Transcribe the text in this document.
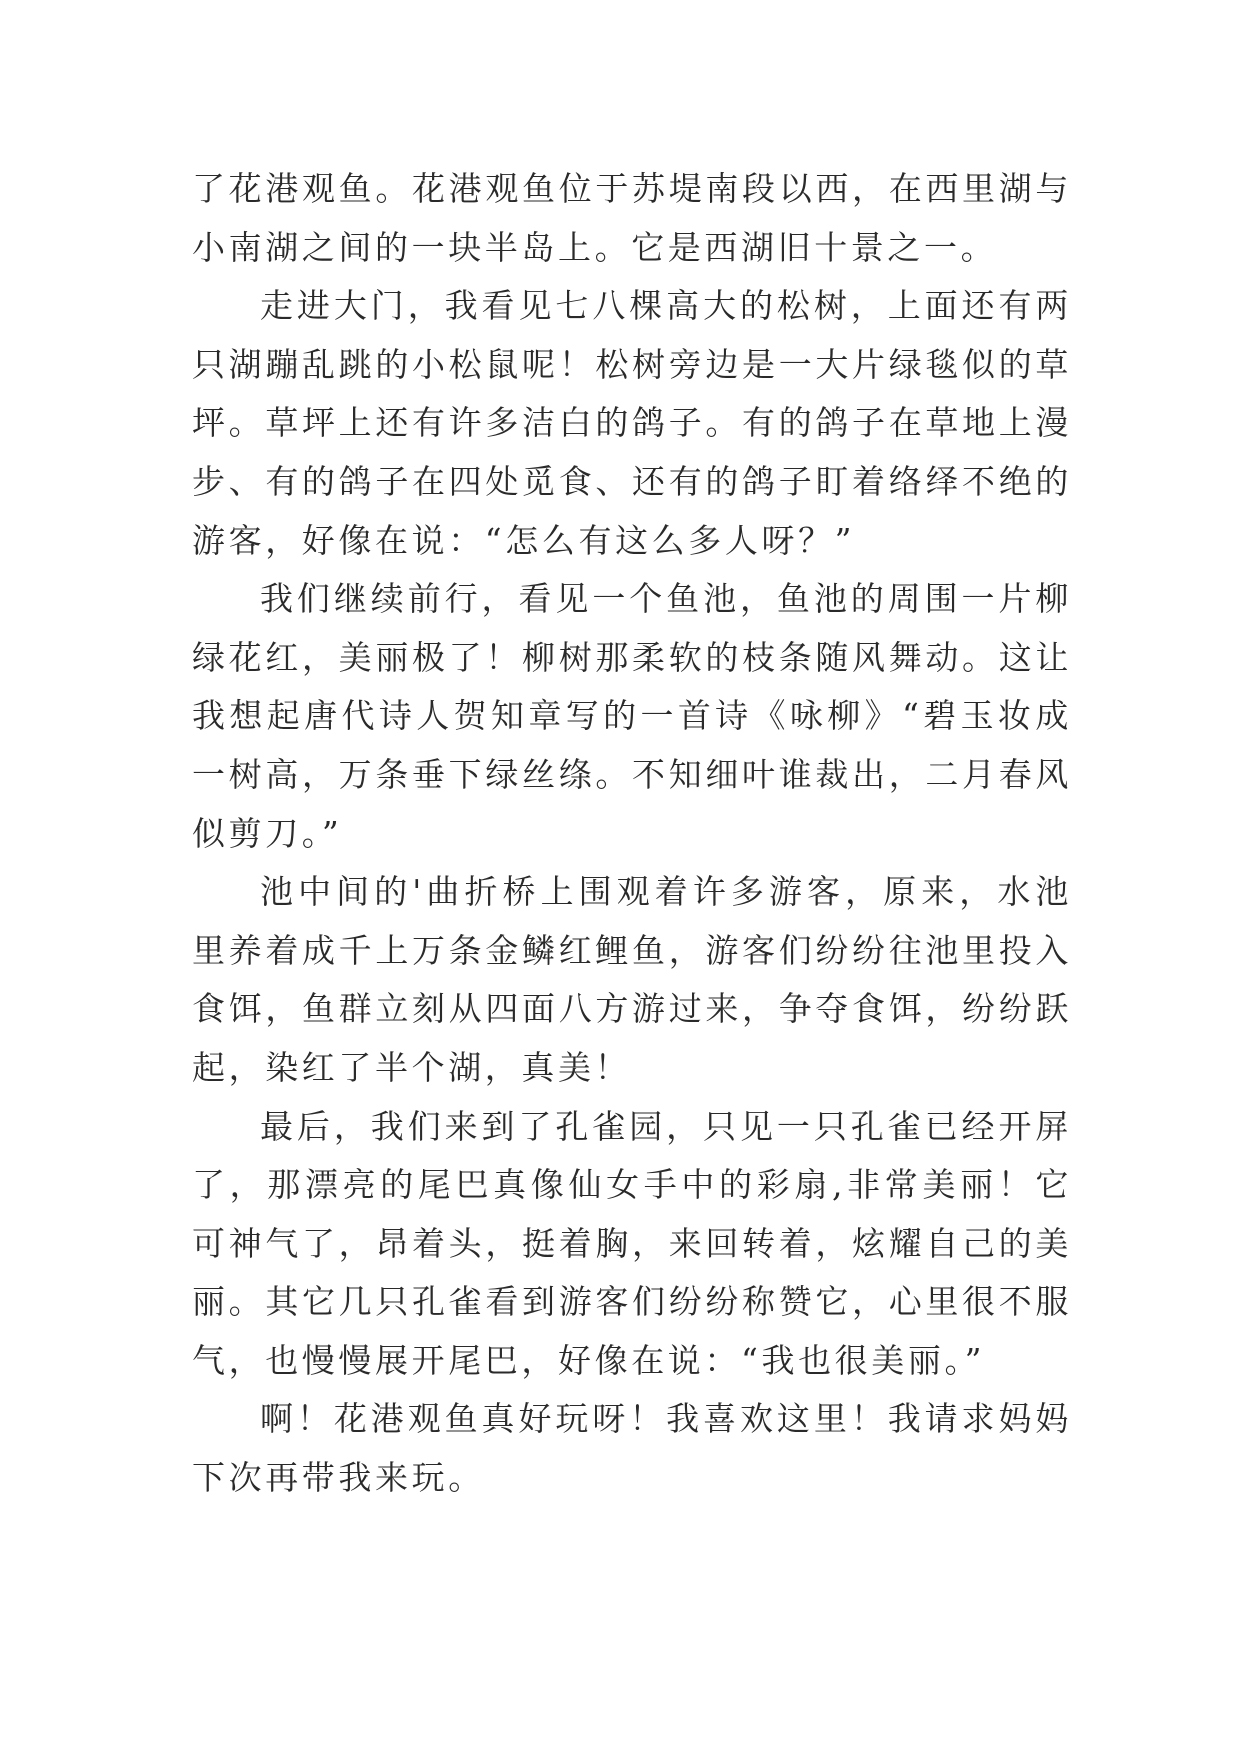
了花港观鱼。花港观鱼位于苏堤南段以西，在西里湖与小南湖之间的一块半岛上。它是西湖旧十景之一。

走进大门，我看见七八棵高大的松树，上面还有两只湖蹦乱跳的小松鼠呢！松树旁边是一大片绿毯似的草坪。草坪上还有许多洁白的鸽子。有的鸽子在草地上漫步、有的鸽子在四处觅食、还有的鸽子盯着络绎不绝的游客，好像在说：“怎么有这么多人呀？”

我们继续前行，看见一个鱼池，鱼池的周围一片柳绿花红，美丽极了！柳树那柔软的枝条随风舞动。这让我想起唐代诗人贺知章写的一首诗《咏柳》“碧玉妆成一树高，万条垂下绿丝绦。不知细叶谁裁出，二月春风似剪刀。”

池中间的'曲折桥上围观着许多游客，原来，水池里养着成千上万条金鳞红鲤鱼，游客们纷纷往池里投入食饵，鱼群立刻从四面八方游过来，争夺食饵，纷纷跃起，染红了半个湖，真美！

最后，我们来到了孔雀园，只见一只孔雀已经开屏了，那漂亮的尾巴真像仙女手中的彩扇,非常美丽！它可神气了，昂着头，挺着胸，来回转着，炫耀自己的美丽。其它几只孔雀看到游客们纷纷称赞它，心里很不服气，也慢慢展开尾巴，好像在说：“我也很美丽。”

啊！花港观鱼真好玩呀！我喜欢这里！我请求妈妈下次再带我来玩。
